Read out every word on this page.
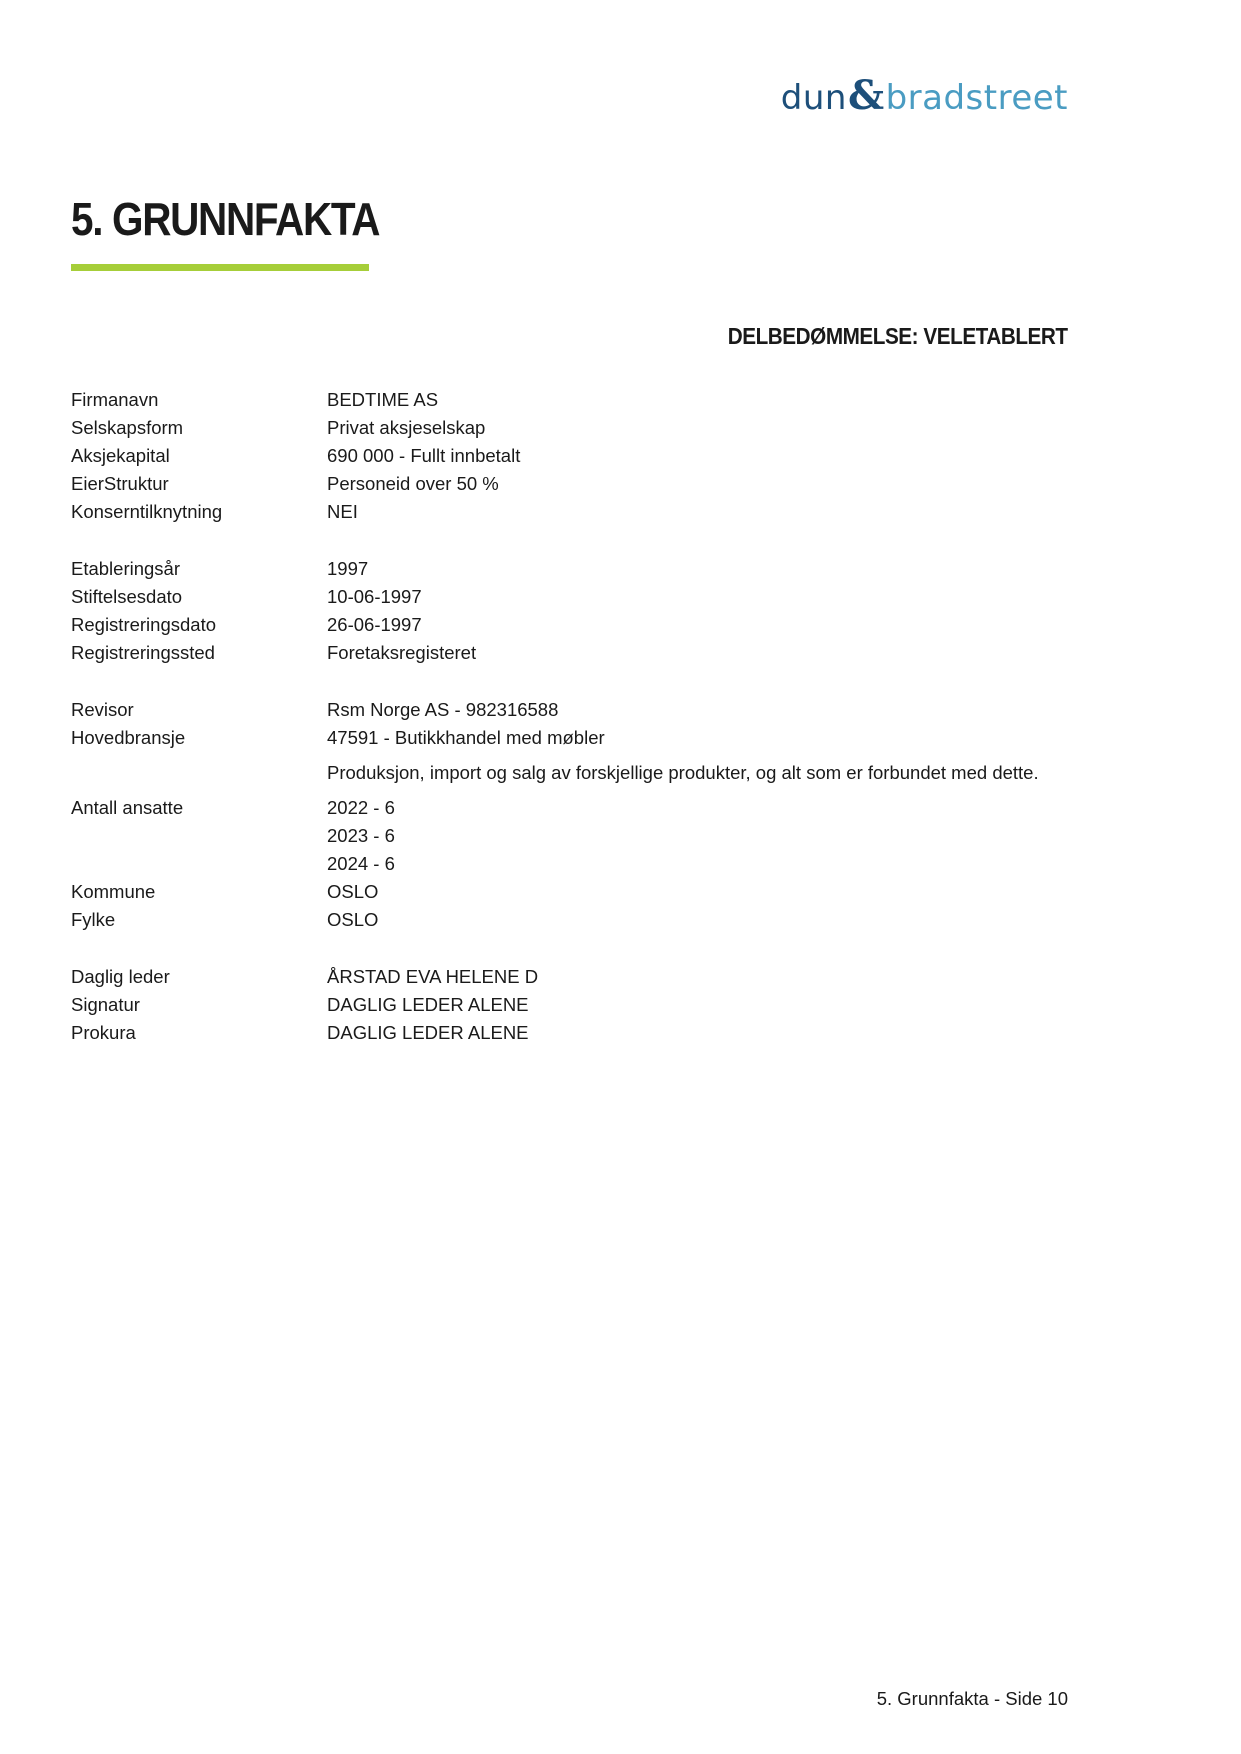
dun&bradstreet
5. GRUNNFAKTA
DELBEDØMMELSE: VELETABLERT
Firmanavn	BEDTIME AS
Selskapsform	Privat aksjeselskap
Aksjekapital	690 000 - Fullt innbetalt
EierStruktur	Personeid over 50 %
Konserntilknytning	NEI
Etableringsår	1997
Stiftelsesdato	10-06-1997
Registreringsdato	26-06-1997
Registreringssted	Foretaksregisteret
Revisor	Rsm Norge AS - 982316588
Hovedbransje	47591 - Butikkhandel med møbler
Produksjon, import og salg av forskjellige produkter, og alt som er forbundet med dette.
Antall ansatte	2022 - 6
2023 - 6
2024 - 6
Kommune	OSLO
Fylke	OSLO
Daglig leder	ÅRSTAD EVA HELENE D
Signatur	DAGLIG LEDER ALENE
Prokura	DAGLIG LEDER ALENE
5. Grunnfakta - Side 10
